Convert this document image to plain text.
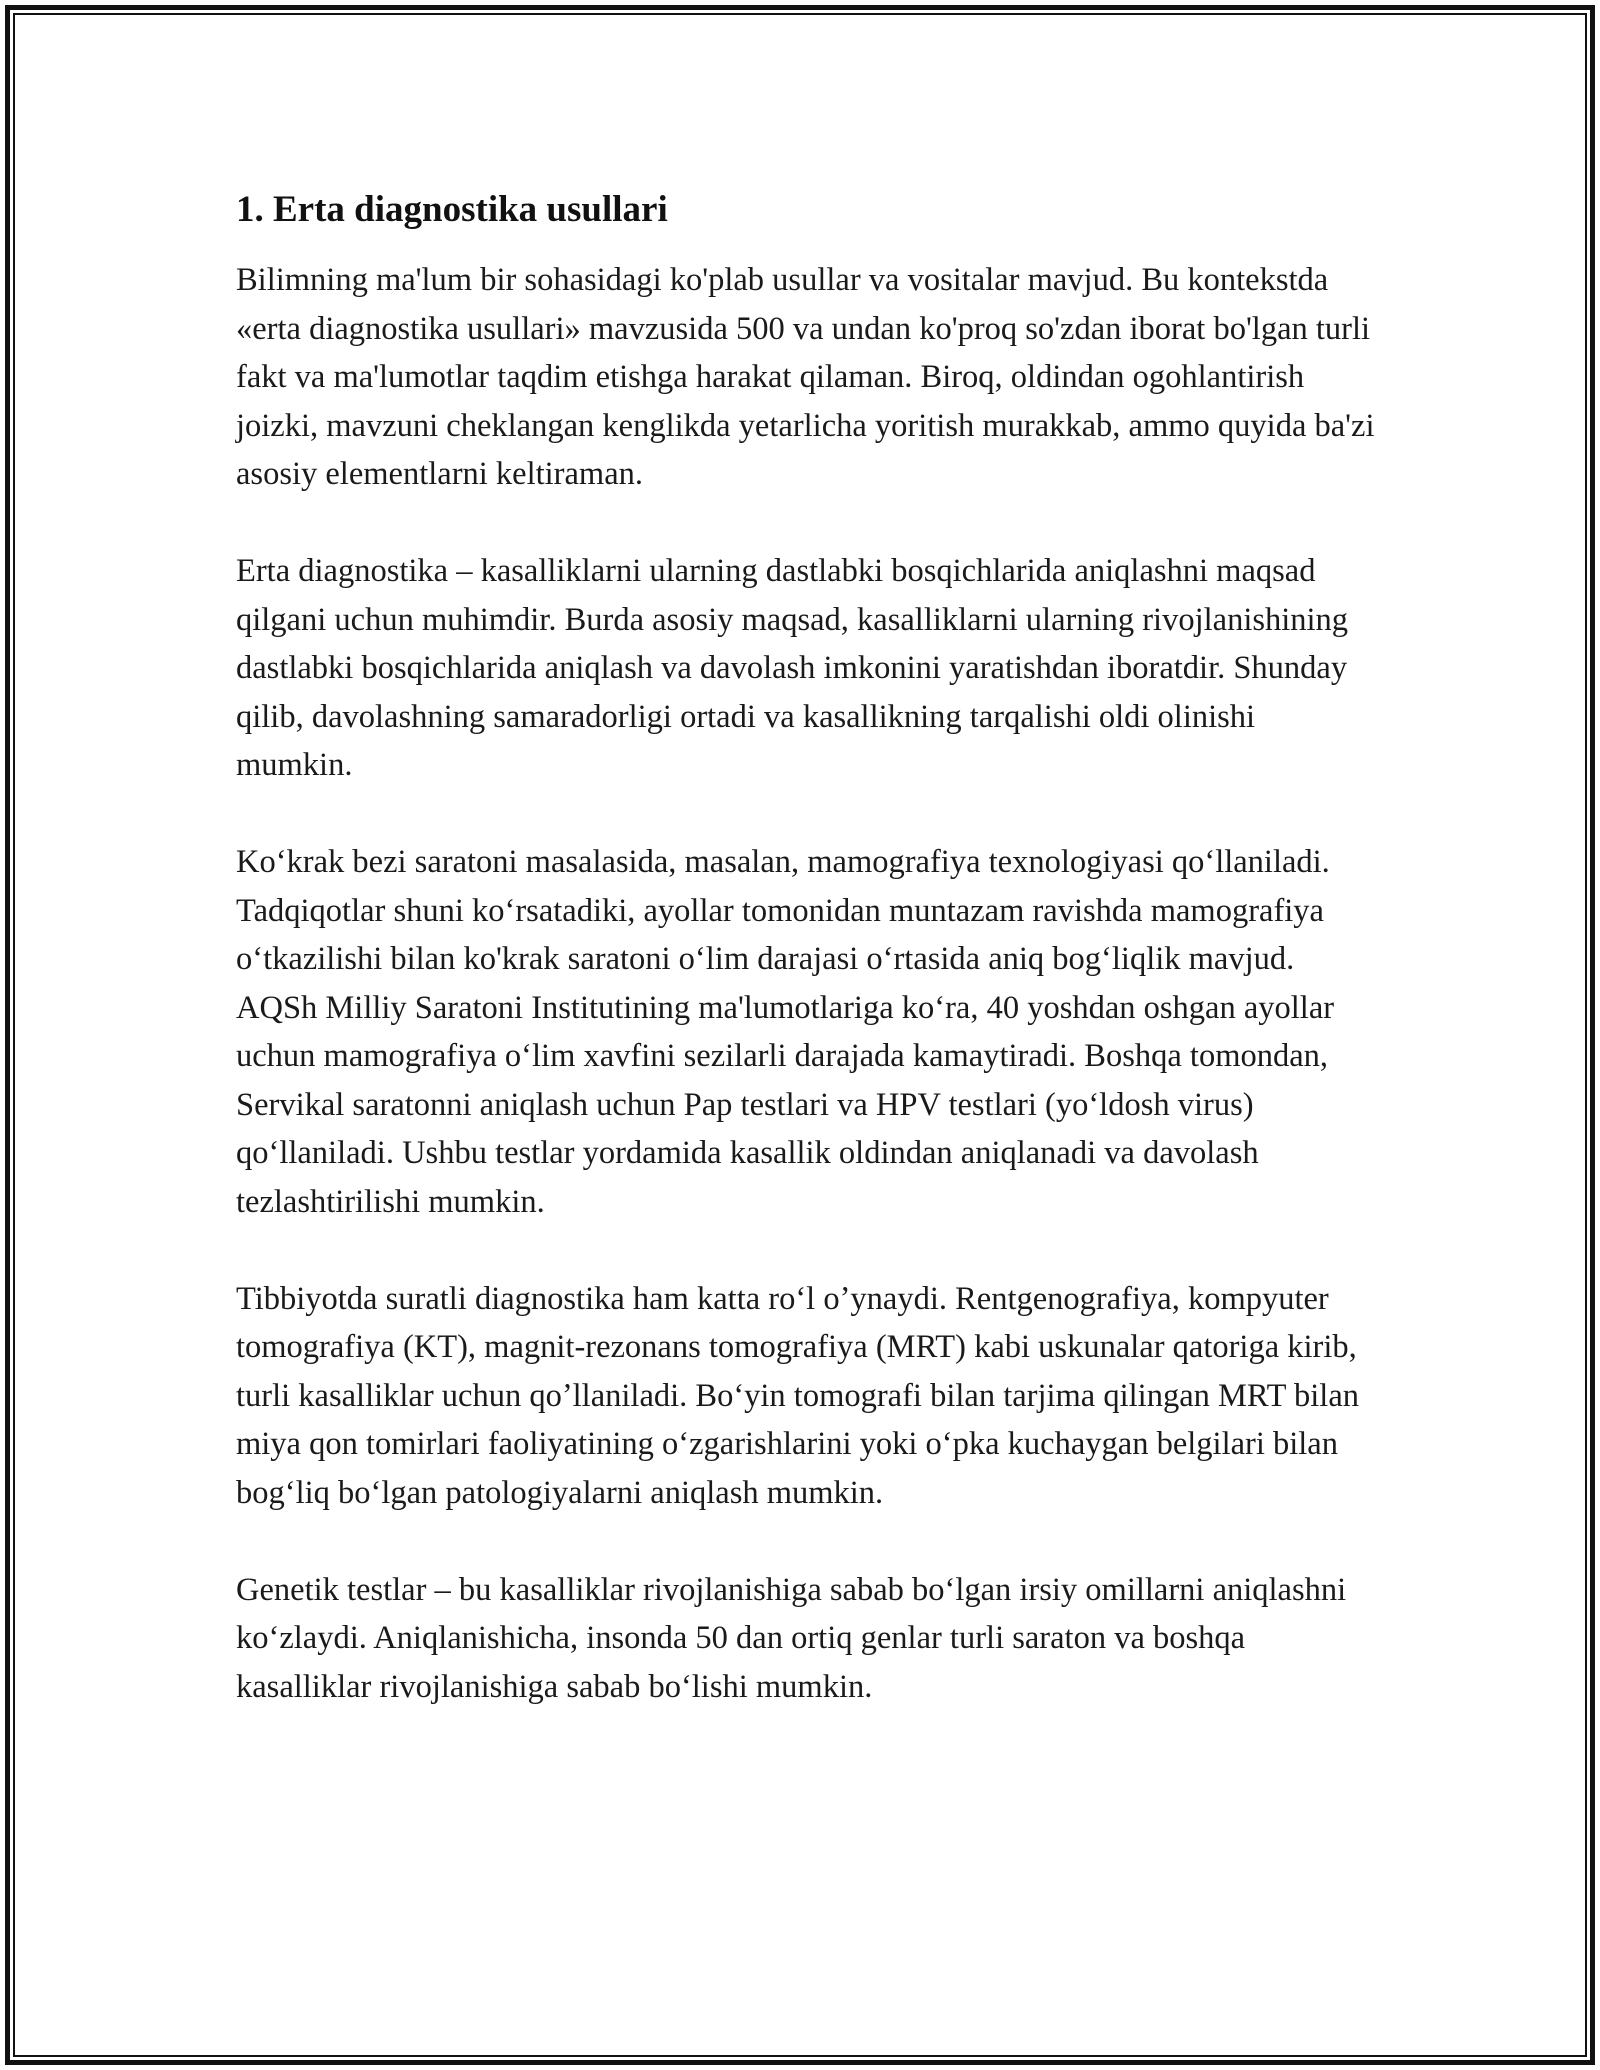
1. Erta diagnostika usullari

Bilimning ma'lum bir sohasidagi ko'plab usullar va vositalar mavjud. Bu kontekstda «erta diagnostika usullari» mavzusida 500 va undan ko'proq so'zdan iborat bo'lgan turli fakt va ma'lumotlar taqdim etishga harakat qilaman. Biroq, oldindan ogohlantirish joizki, mavzuni cheklangan kenglikda yetarlicha yoritish murakkab, ammo quyida ba'zi asosiy elementlarni keltiraman.

Erta diagnostika – kasalliklarni ularning dastlabki bosqichlarida aniqlashni maqsad qilgani uchun muhimdir. Burda asosiy maqsad, kasalliklarni ularning rivojlanishining dastlabki bosqichlarida aniqlash va davolash imkonini yaratishdan iboratdir. Shunday qilib, davolashning samaradorligi ortadi va kasallikning tarqalishi oldi olinishi mumkin.

Koʻkrak bezi saratoni masalasida, masalan, mamografiya texnologiyasi qoʻllaniladi. Tadqiqotlar shuni koʻrsatadiki, ayollar tomonidan muntazam ravishda mamografiya oʻtkazilishi bilan ko'krak saratoni oʻlim darajasi oʻrtasida aniq bogʻliqlik mavjud. AQSh Milliy Saratoni Institutining ma'lumotlariga koʻra, 40 yoshdan oshgan ayollar uchun mamografiya oʻlim xavfini sezilarli darajada kamaytiradi. Boshqa tomondan, Servikal saratonni aniqlash uchun Pap testlari va HPV testlari (yoʻldosh virus) qoʻllaniladi. Ushbu testlar yordamida kasallik oldindan aniqlanadi va davolash tezlashtirilishi mumkin.

Tibbiyotda suratli diagnostika ham katta roʻl oʼynaydi. Rentgenografiya, kompyuter tomografiya (KT), magnit-rezonans tomografiya (MRT) kabi uskunalar qatoriga kirib, turli kasalliklar uchun qoʼllaniladi. Boʻyin tomografi bilan tarjima qilingan MRT bilan miya qon tomirlari faoliyatining oʻzgarishlarini yoki oʻpka kuchaygan belgilari bilan bogʻliq boʻlgan patologiyalarni aniqlash mumkin.

Genetik testlar – bu kasalliklar rivojlanishiga sabab boʻlgan irsiy omillarni aniqlashni koʻzlaydi. Aniqlanishicha, insonda 50 dan ortiq genlar turli saraton va boshqa kasalliklar rivojlanishiga sabab boʻlishi mumkin.
